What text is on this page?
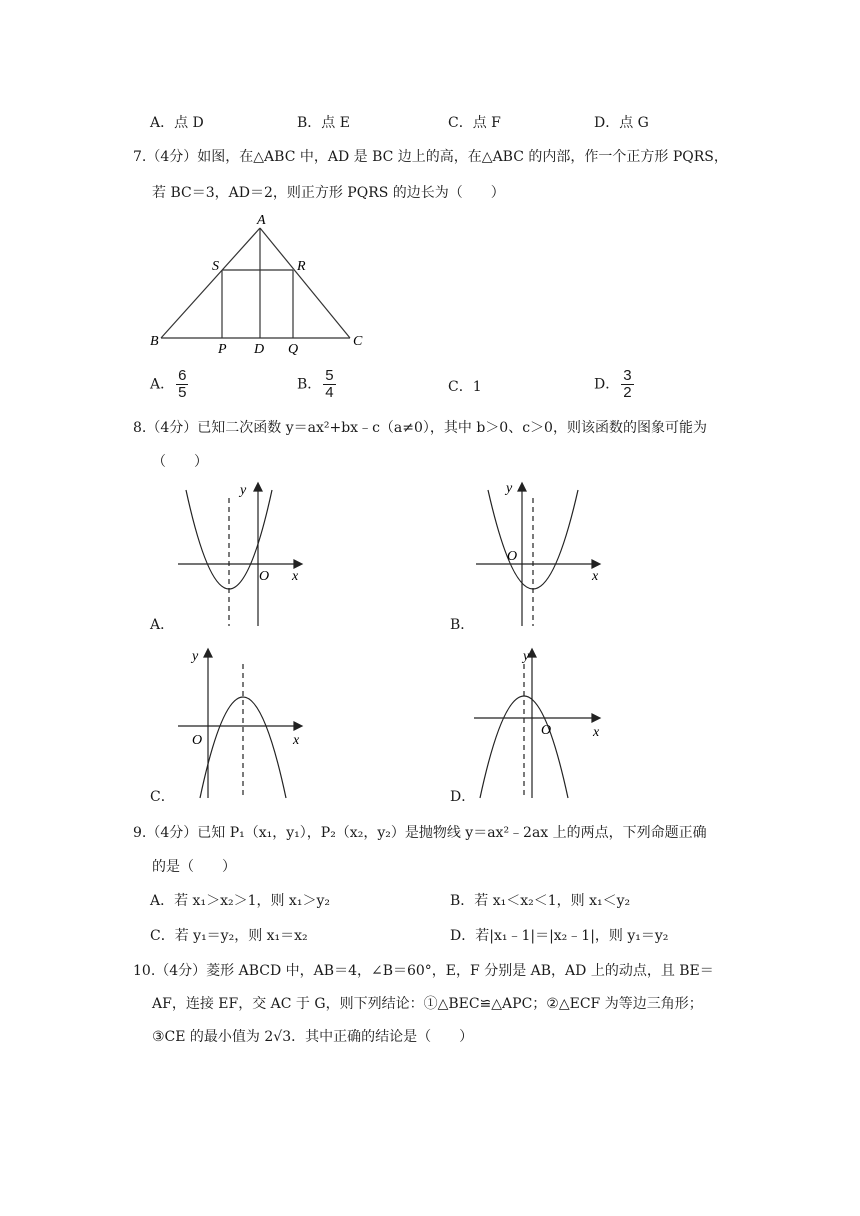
A．点 D	B．点 E	C．点 F	D．点 G
7.（4分）如图，在△ABC 中，AD 是 BC 边上的高，在△ABC 的内部，作一个正方形 PQRS，
若 BC＝3，AD＝2，则正方形 PQRS 的边长为（　　）
A
B	C
D
P	Q
R
S
A． $\frac{6}{5}$	B． $\frac{5}{4}$	C．1	D． $\frac{3}{2}$
8.（4分）已知二次函数 y＝ax²+bx﹣c（a≠0），其中 b＞0、c＞0，则该函数的图象可能为
（　　）
y
x
O
A．
y
x
O
B．
y
x
O
C．
y
x
O
D．
9.（4分）已知 P₁（x₁，y₁），P₂（x₂，y₂）是抛物线 y＝ax²﹣2ax 上的两点，下列命题正确
的是（　　）
A．若 x₁＞x₂＞1，则 x₁＞y₂	B．若 x₁＜x₂＜1，则 x₁＜y₂
C．若 y₁＝y₂，则 x₁＝x₂	D．若|x₁﹣1|＝|x₂﹣1|，则 y₁＝y₂
10.（4分）菱形 ABCD 中，AB＝4，∠B＝60°，E，F 分别是 AB，AD 上的动点，且 BE＝
AF，连接 EF，交 AC 于 G，则下列结论：①△BEC≌△APC；②△ECF 为等边三角形；
③CE 的最小值为 2√3．其中正确的结论是（　　）
